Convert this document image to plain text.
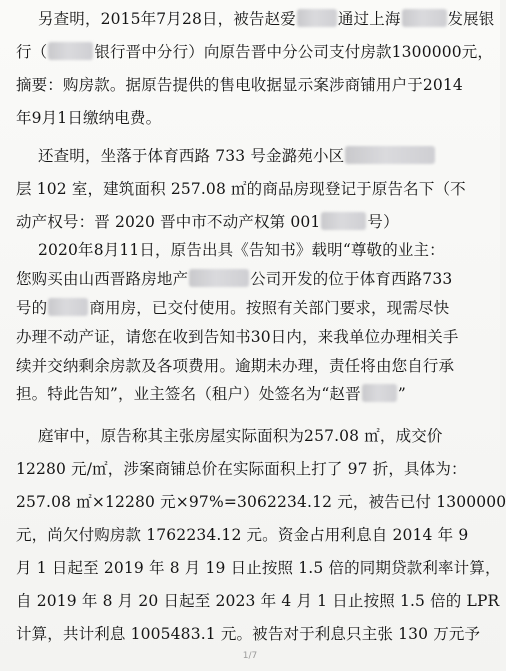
另查明，2015年7月28日，被告赵爱	通过上海	发展银
行（	银行晋中分行）向原告晋中分公司支付房款1300000元，
摘要：购房款。据原告提供的售电收据显示案涉商铺用户于2014
年9月1日缴纳电费。
还查明，坐落于体育西路 733 号金潞苑小区
层 102 室，建筑面积 257.08 ㎡的商品房现登记于原告名下（不
动产权号：晋 2020 晋中市不动产权第 001	号）
2020年8月11日，原告出具《告知书》载明“尊敬的业主：
您购买由山西晋路房地产	公司开发的位于体育西路733
号的	商用房，已交付使用。按照有关部门要求，现需尽快
办理不动产证，请您在收到告知书30日内，来我单位办理相关手
续并交纳剩余房款及各项费用。逾期未办理，责任将由您自行承
担。特此告知”，业主签名（租户）处签名为“赵晋 ”
庭审中，原告称其主张房屋实际面积为257.08 ㎡，成交价
12280 元/㎡，涉案商铺总价在实际面积上打了 97 折，具体为：
257.08 ㎡×12280 元×97%=3062234.12 元，被告已付 1300000
元，尚欠付购房款 1762234.12 元。资金占用利息自 2014 年 9
月 1 日起至 2019 年 8 月 19 日止按照 1.5 倍的同期贷款利率计算，
自 2019 年 8 月 20 日起至 2023 年 4 月 1 日止按照 1.5 倍的 LPR
计算，共计利息 1005483.1 元。被告对于利息只主张 130 万元予
1/7
